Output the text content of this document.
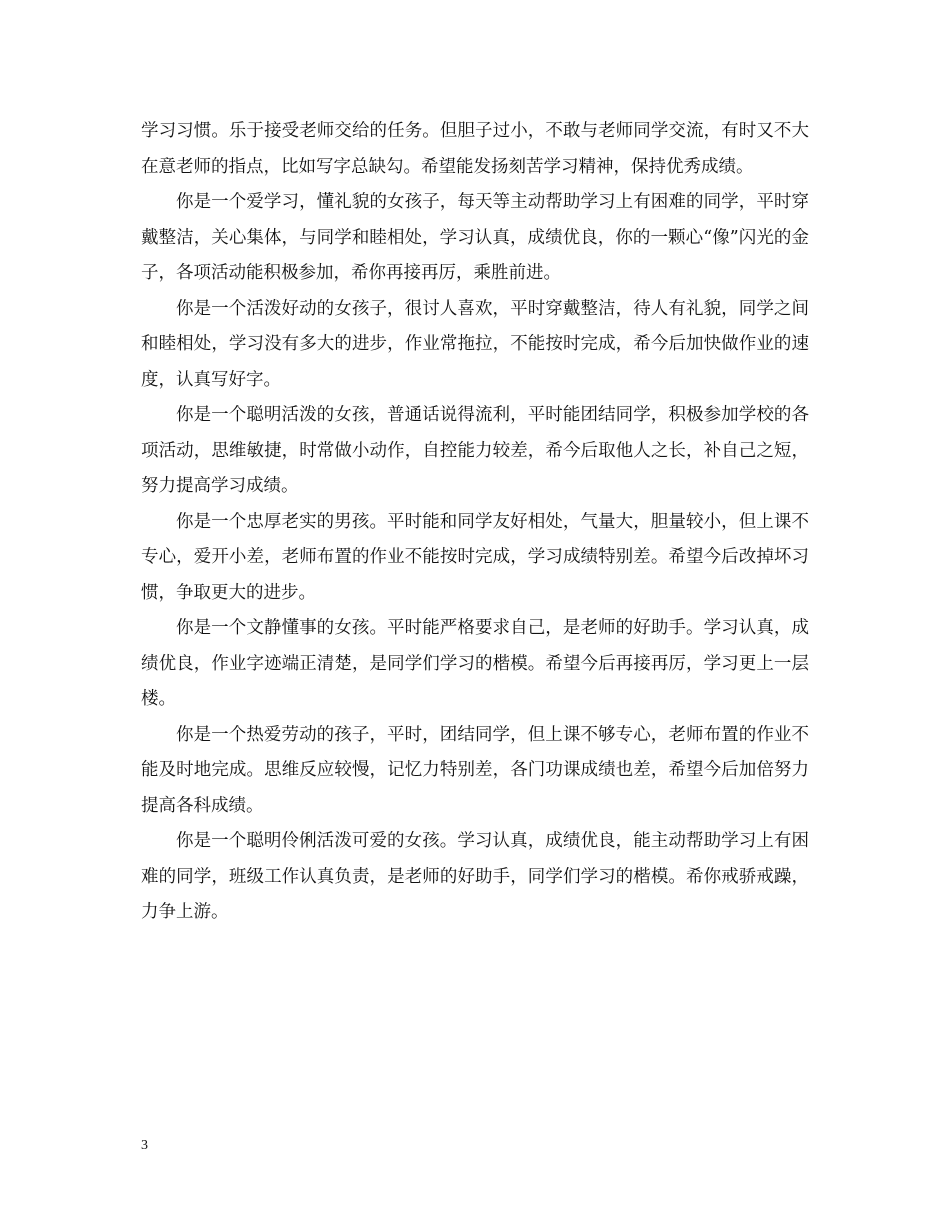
学习习惯。乐于接受老师交给的任务。但胆子过小，不敢与老师同学交流，有时又不大在意老师的指点，比如写字总缺勾。希望能发扬刻苦学习精神，保持优秀成绩。

你是一个爱学习，懂礼貌的女孩子，每天等主动帮助学习上有困难的同学，平时穿戴整洁，关心集体，与同学和睦相处，学习认真，成绩优良，你的一颗心“像”闪光的金子，各项活动能积极参加，希你再接再厉，乘胜前进。

你是一个活泼好动的女孩子，很讨人喜欢，平时穿戴整洁，待人有礼貌，同学之间和睦相处，学习没有多大的进步，作业常拖拉，不能按时完成，希今后加快做作业的速度，认真写好字。

你是一个聪明活泼的女孩，普通话说得流利，平时能团结同学，积极参加学校的各项活动，思维敏捷，时常做小动作，自控能力较差，希今后取他人之长，补自己之短，努力提高学习成绩。

你是一个忠厚老实的男孩。平时能和同学友好相处，气量大，胆量较小，但上课不专心，爱开小差，老师布置的作业不能按时完成，学习成绩特别差。希望今后改掉坏习惯，争取更大的进步。

你是一个文静懂事的女孩。平时能严格要求自己，是老师的好助手。学习认真，成绩优良，作业字迹端正清楚，是同学们学习的楷模。希望今后再接再厉，学习更上一层楼。

你是一个热爱劳动的孩子，平时，团结同学，但上课不够专心，老师布置的作业不能及时地完成。思维反应较慢，记忆力特别差，各门功课成绩也差，希望今后加倍努力提高各科成绩。

你是一个聪明伶俐活泼可爱的女孩。学习认真，成绩优良，能主动帮助学习上有困难的同学，班级工作认真负责，是老师的好助手，同学们学习的楷模。希你戒骄戒躁，力争上游。

3
